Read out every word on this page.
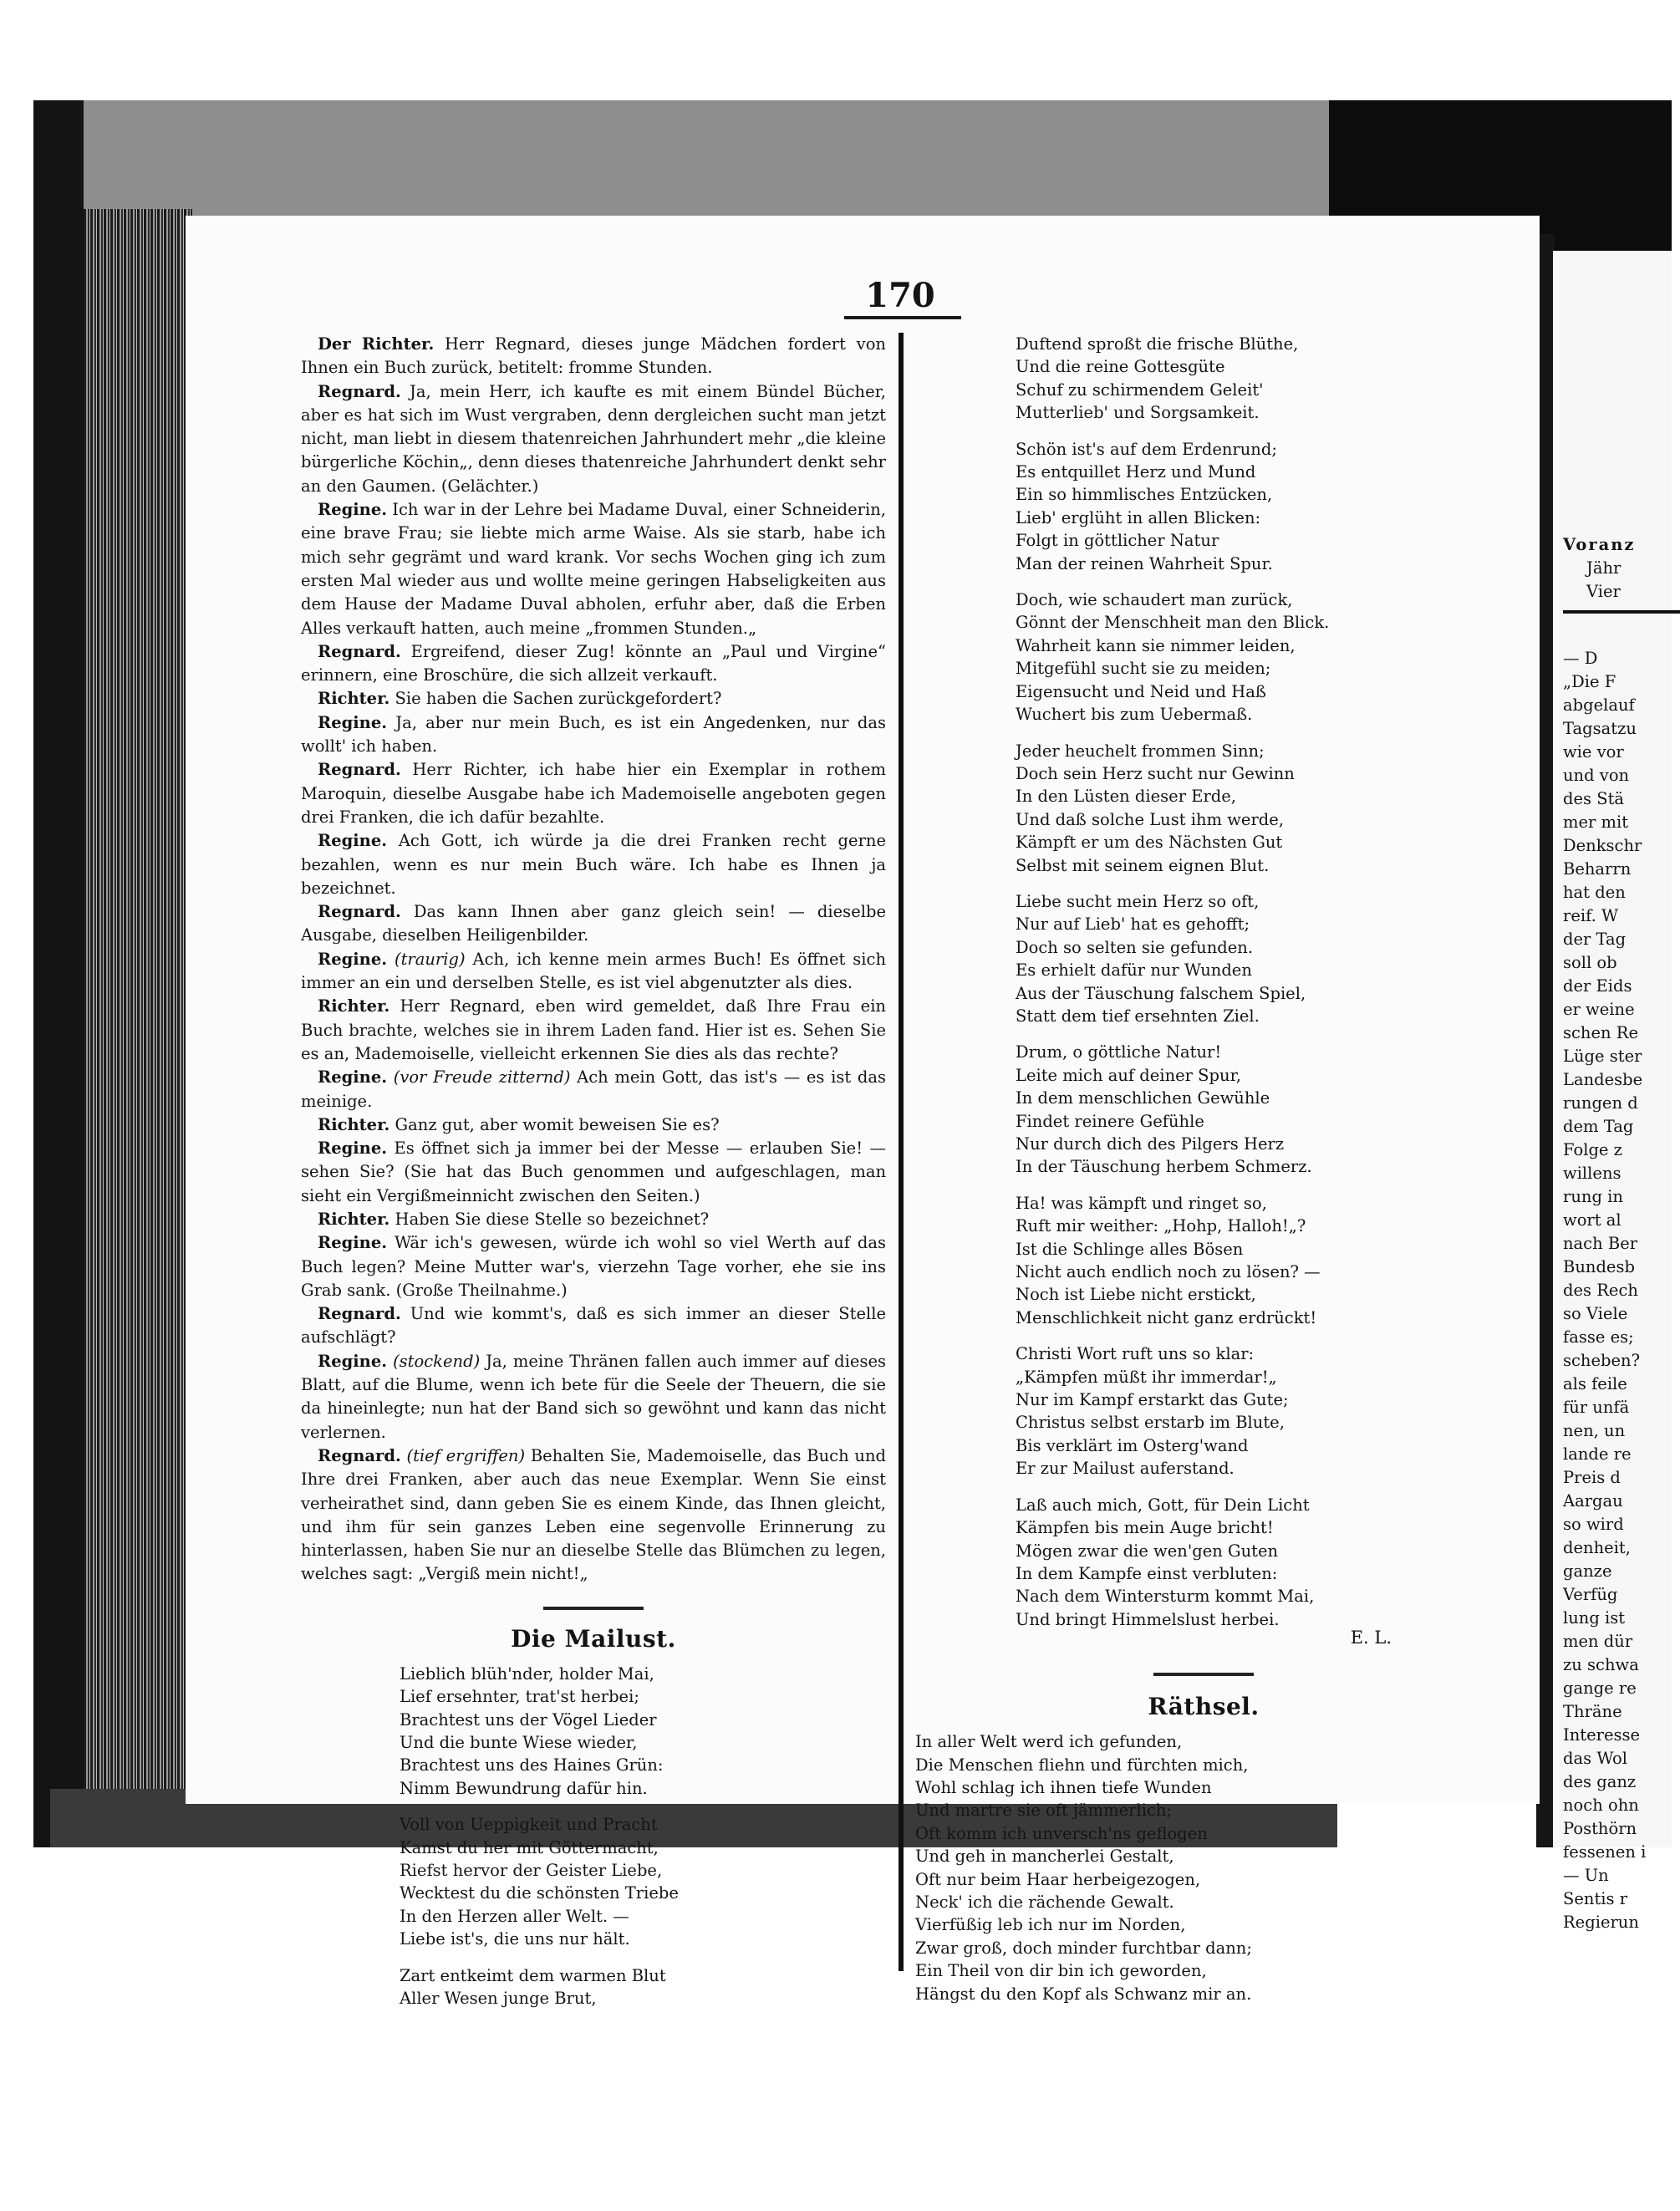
Voranz
Jähr
Vier
— D
„Die F
abgelauf
Tagsatzu
wie vor
und von
des Stä
mer mit
Denkschr
Beharrn
hat den
reif. W
der Tag
soll ob
der Eids
er weine
schen Re
Lüge ster
Landesbe
rungen d
dem Tag
Folge z
willens
rung in
wort al
nach Ber
Bundesb
des Rech
so Viele
fasse es;
scheben?
als feile
für unfä
nen, un
lande re
Preis d
Aargau
so wird
denheit,
ganze
Verfüg
lung ist
men dür
zu schwa
gange re
Thräne
Interesse
das Wol
des ganz
noch ohn
Posthörn
fessenen i
— Un
Sentis r
Regierun
170

Der Richter. Herr Regnard, dieses junge Mädchen fordert von Ihnen ein Buch zurück, betitelt: fromme Stunden.

Regnard. Ja, mein Herr, ich kaufte es mit einem Bündel Bücher, aber es hat sich im Wust vergraben, denn dergleichen sucht man jetzt nicht, man liebt in diesem thatenreichen Jahrhundert mehr „die kleine bürgerliche Köchin„, denn dieses thatenreiche Jahrhundert denkt sehr an den Gaumen. (Gelächter.)

Regine. Ich war in der Lehre bei Madame Duval, einer Schneiderin, eine brave Frau; sie liebte mich arme Waise. Als sie starb, habe ich mich sehr gegrämt und ward krank. Vor sechs Wochen ging ich zum ersten Mal wieder aus und wollte meine geringen Habseligkeiten aus dem Hause der Madame Duval abholen, erfuhr aber, daß die Erben Alles verkauft hatten, auch meine „frommen Stunden.„

Regnard. Ergreifend, dieser Zug! könnte an „Paul und Virgine“ erinnern, eine Broschüre, die sich allzeit verkauft.

Richter. Sie haben die Sachen zurückgefordert?

Regine. Ja, aber nur mein Buch, es ist ein Angedenken, nur das wollt' ich haben.

Regnard. Herr Richter, ich habe hier ein Exemplar in rothem Maroquin, dieselbe Ausgabe habe ich Mademoiselle angeboten gegen drei Franken, die ich dafür bezahlte.

Regine. Ach Gott, ich würde ja die drei Franken recht gerne bezahlen, wenn es nur mein Buch wäre. Ich habe es Ihnen ja bezeichnet.

Regnard. Das kann Ihnen aber ganz gleich sein! — dieselbe Ausgabe, dieselben Heiligenbilder.

Regine. (traurig) Ach, ich kenne mein armes Buch! Es öffnet sich immer an ein und derselben Stelle, es ist viel abgenutzter als dies.

Richter. Herr Regnard, eben wird gemeldet, daß Ihre Frau ein Buch brachte, welches sie in ihrem Laden fand. Hier ist es. Sehen Sie es an, Mademoiselle, vielleicht erkennen Sie dies als das rechte?

Regine. (vor Freude zitternd) Ach mein Gott, das ist's — es ist das meinige.

Richter. Ganz gut, aber womit beweisen Sie es?

Regine. Es öffnet sich ja immer bei der Messe — erlauben Sie! — sehen Sie? (Sie hat das Buch genommen und aufgeschlagen, man sieht ein Vergißmeinnicht zwischen den Seiten.)

Richter. Haben Sie diese Stelle so bezeichnet?

Regine. Wär ich's gewesen, würde ich wohl so viel Werth auf das Buch legen? Meine Mutter war's, vierzehn Tage vorher, ehe sie ins Grab sank. (Große Theilnahme.)

Regnard. Und wie kommt's, daß es sich immer an dieser Stelle aufschlägt?

Regine. (stockend) Ja, meine Thränen fallen auch immer auf dieses Blatt, auf die Blume, wenn ich bete für die Seele der Theuern, die sie da hineinlegte; nun hat der Band sich so gewöhnt und kann das nicht verlernen.

Regnard. (tief ergriffen) Behalten Sie, Mademoiselle, das Buch und Ihre drei Franken, aber auch das neue Exemplar. Wenn Sie einst verheirathet sind, dann geben Sie es einem Kinde, das Ihnen gleicht, und ihm für sein ganzes Leben eine segenvolle Erinnerung zu hinterlassen, haben Sie nur an dieselbe Stelle das Blümchen zu legen, welches sagt: „Vergiß mein nicht!„

Die Mailust.
Lieblich blüh'nder, holder Mai,
Lief ersehnter, trat'st herbei;
Brachtest uns der Vögel Lieder
Und die bunte Wiese wieder,
Brachtest uns des Haines Grün:
Nimm Bewundrung dafür hin.
Voll von Ueppigkeit und Pracht
Kamst du her mit Göttermacht,
Riefst hervor der Geister Liebe,
Wecktest du die schönsten Triebe
In den Herzen aller Welt. —
Liebe ist's, die uns nur hält.
Zart entkeimt dem warmen Blut
Aller Wesen junge Brut,
Duftend sproßt die frische Blüthe,
Und die reine Gottesgüte
Schuf zu schirmendem Geleit'
Mutterlieb' und Sorgsamkeit.
Schön ist's auf dem Erdenrund;
Es entquillet Herz und Mund
Ein so himmlisches Entzücken,
Lieb' erglüht in allen Blicken:
Folgt in göttlicher Natur
Man der reinen Wahrheit Spur.
Doch, wie schaudert man zurück,
Gönnt der Menschheit man den Blick.
Wahrheit kann sie nimmer leiden,
Mitgefühl sucht sie zu meiden;
Eigensucht und Neid und Haß
Wuchert bis zum Uebermaß.
Jeder heuchelt frommen Sinn;
Doch sein Herz sucht nur Gewinn
In den Lüsten dieser Erde,
Und daß solche Lust ihm werde,
Kämpft er um des Nächsten Gut
Selbst mit seinem eignen Blut.
Liebe sucht mein Herz so oft,
Nur auf Lieb' hat es gehofft;
Doch so selten sie gefunden.
Es erhielt dafür nur Wunden
Aus der Täuschung falschem Spiel,
Statt dem tief ersehnten Ziel.
Drum, o göttliche Natur!
Leite mich auf deiner Spur,
In dem menschlichen Gewühle
Findet reinere Gefühle
Nur durch dich des Pilgers Herz
In der Täuschung herbem Schmerz.
Ha! was kämpft und ringet so,
Ruft mir weither: „Hohp, Halloh!„?
Ist die Schlinge alles Bösen
Nicht auch endlich noch zu lösen? —
Noch ist Liebe nicht erstickt,
Menschlichkeit nicht ganz erdrückt!
Christi Wort ruft uns so klar:
„Kämpfen müßt ihr immerdar!„
Nur im Kampf erstarkt das Gute;
Christus selbst erstarb im Blute,
Bis verklärt im Osterg'wand
Er zur Mailust auferstand.
Laß auch mich, Gott, für Dein Licht
Kämpfen bis mein Auge bricht!
Mögen zwar die wen'gen Guten
In dem Kampfe einst verbluten:
Nach dem Wintersturm kommt Mai,
Und bringt Himmelslust herbei.
E. L.
Räthsel.
In aller Welt werd ich gefunden,
Die Menschen fliehn und fürchten mich,
Wohl schlag ich ihnen tiefe Wunden
Und martre sie oft jämmerlich;
Oft komm ich unversch'ns geflogen
Und geh in mancherlei Gestalt,
Oft nur beim Haar herbeigezogen,
Neck' ich die rächende Gewalt.
Vierfüßig leb ich nur im Norden,
Zwar groß, doch minder furchtbar dann;
Ein Theil von dir bin ich geworden,
Hängst du den Kopf als Schwanz mir an.
